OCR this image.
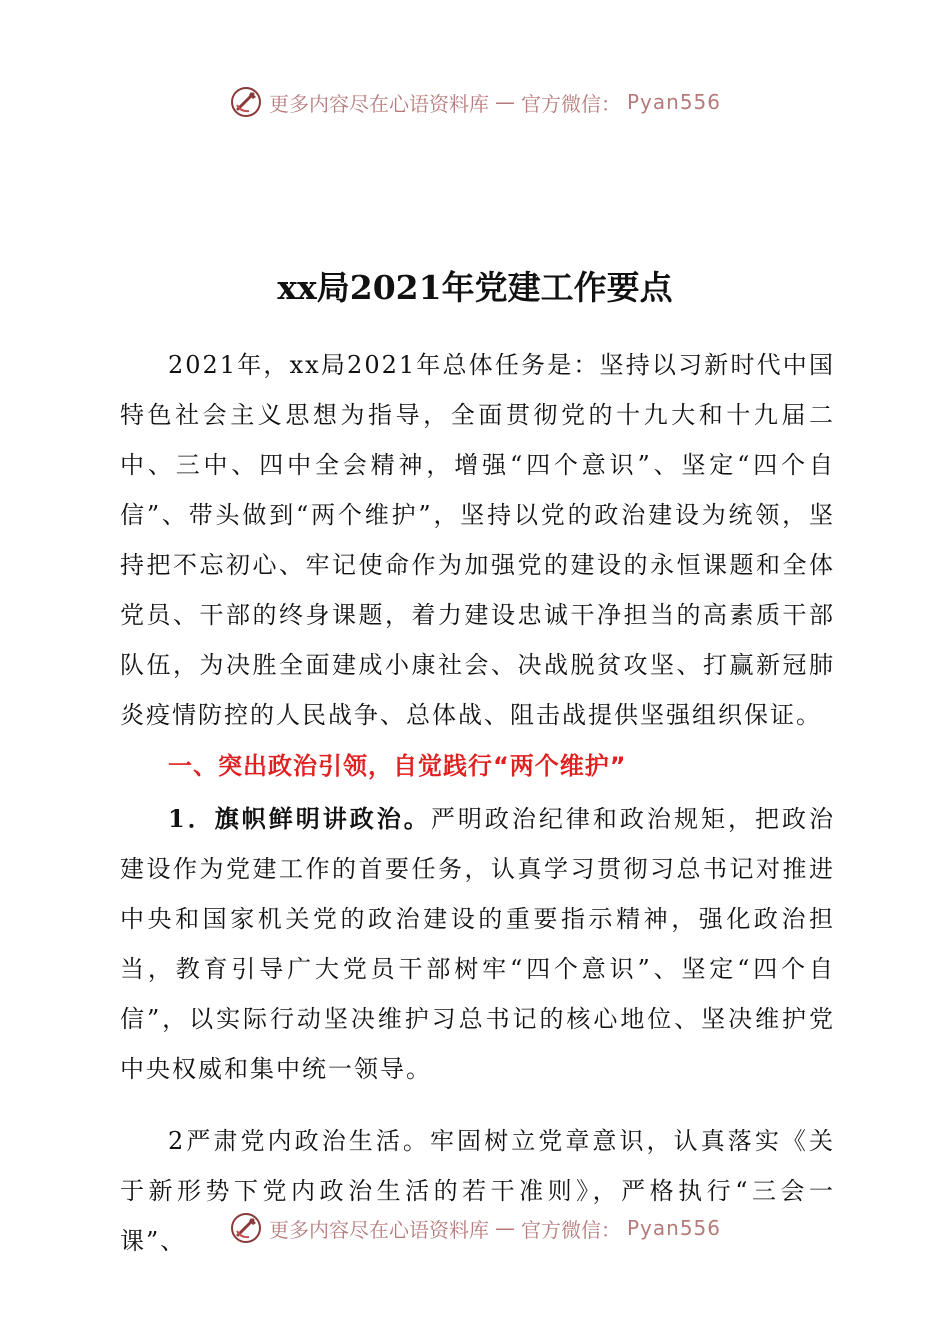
更多内容尽在心语资料库 — 官方微信： Pyan556
xx局2021年党建工作要点

2021年，xx局2021年总体任务是：坚持以习新时代中国特色社会主义思想为指导，全面贯彻党的十九大和十九届二中、三中、四中全会精神，增强“四个意识”、坚定“四个自信”、带头做到“两个维护”，坚持以党的政治建设为统领，坚持把不忘初心、牢记使命作为加强党的建设的永恒课题和全体党员、干部的终身课题，着力建设忠诚干净担当的高素质干部队伍，为决胜全面建成小康社会、决战脱贫攻坚、打赢新冠肺炎疫情防控的人民战争、总体战、阻击战提供坚强组织保证。

一、突出政治引领，自觉践行“两个维护”

1．旗帜鲜明讲政治。严明政治纪律和政治规矩，把政治建设作为党建工作的首要任务，认真学习贯彻习总书记对推进中央和国家机关党的政治建设的重要指示精神，强化政治担当，教育引导广大党员干部树牢“四个意识”、坚定“四个自信”，以实际行动坚决维护习总书记的核心地位、坚决维护党中央权威和集中统一领导。

2严肃党内政治生活。牢固树立党章意识，认真落实《关于新形势下党内政治生活的若干准则》，严格执行“三会一课”、	更多内容尽在心语资料库 — 官方微信： Pyan556
